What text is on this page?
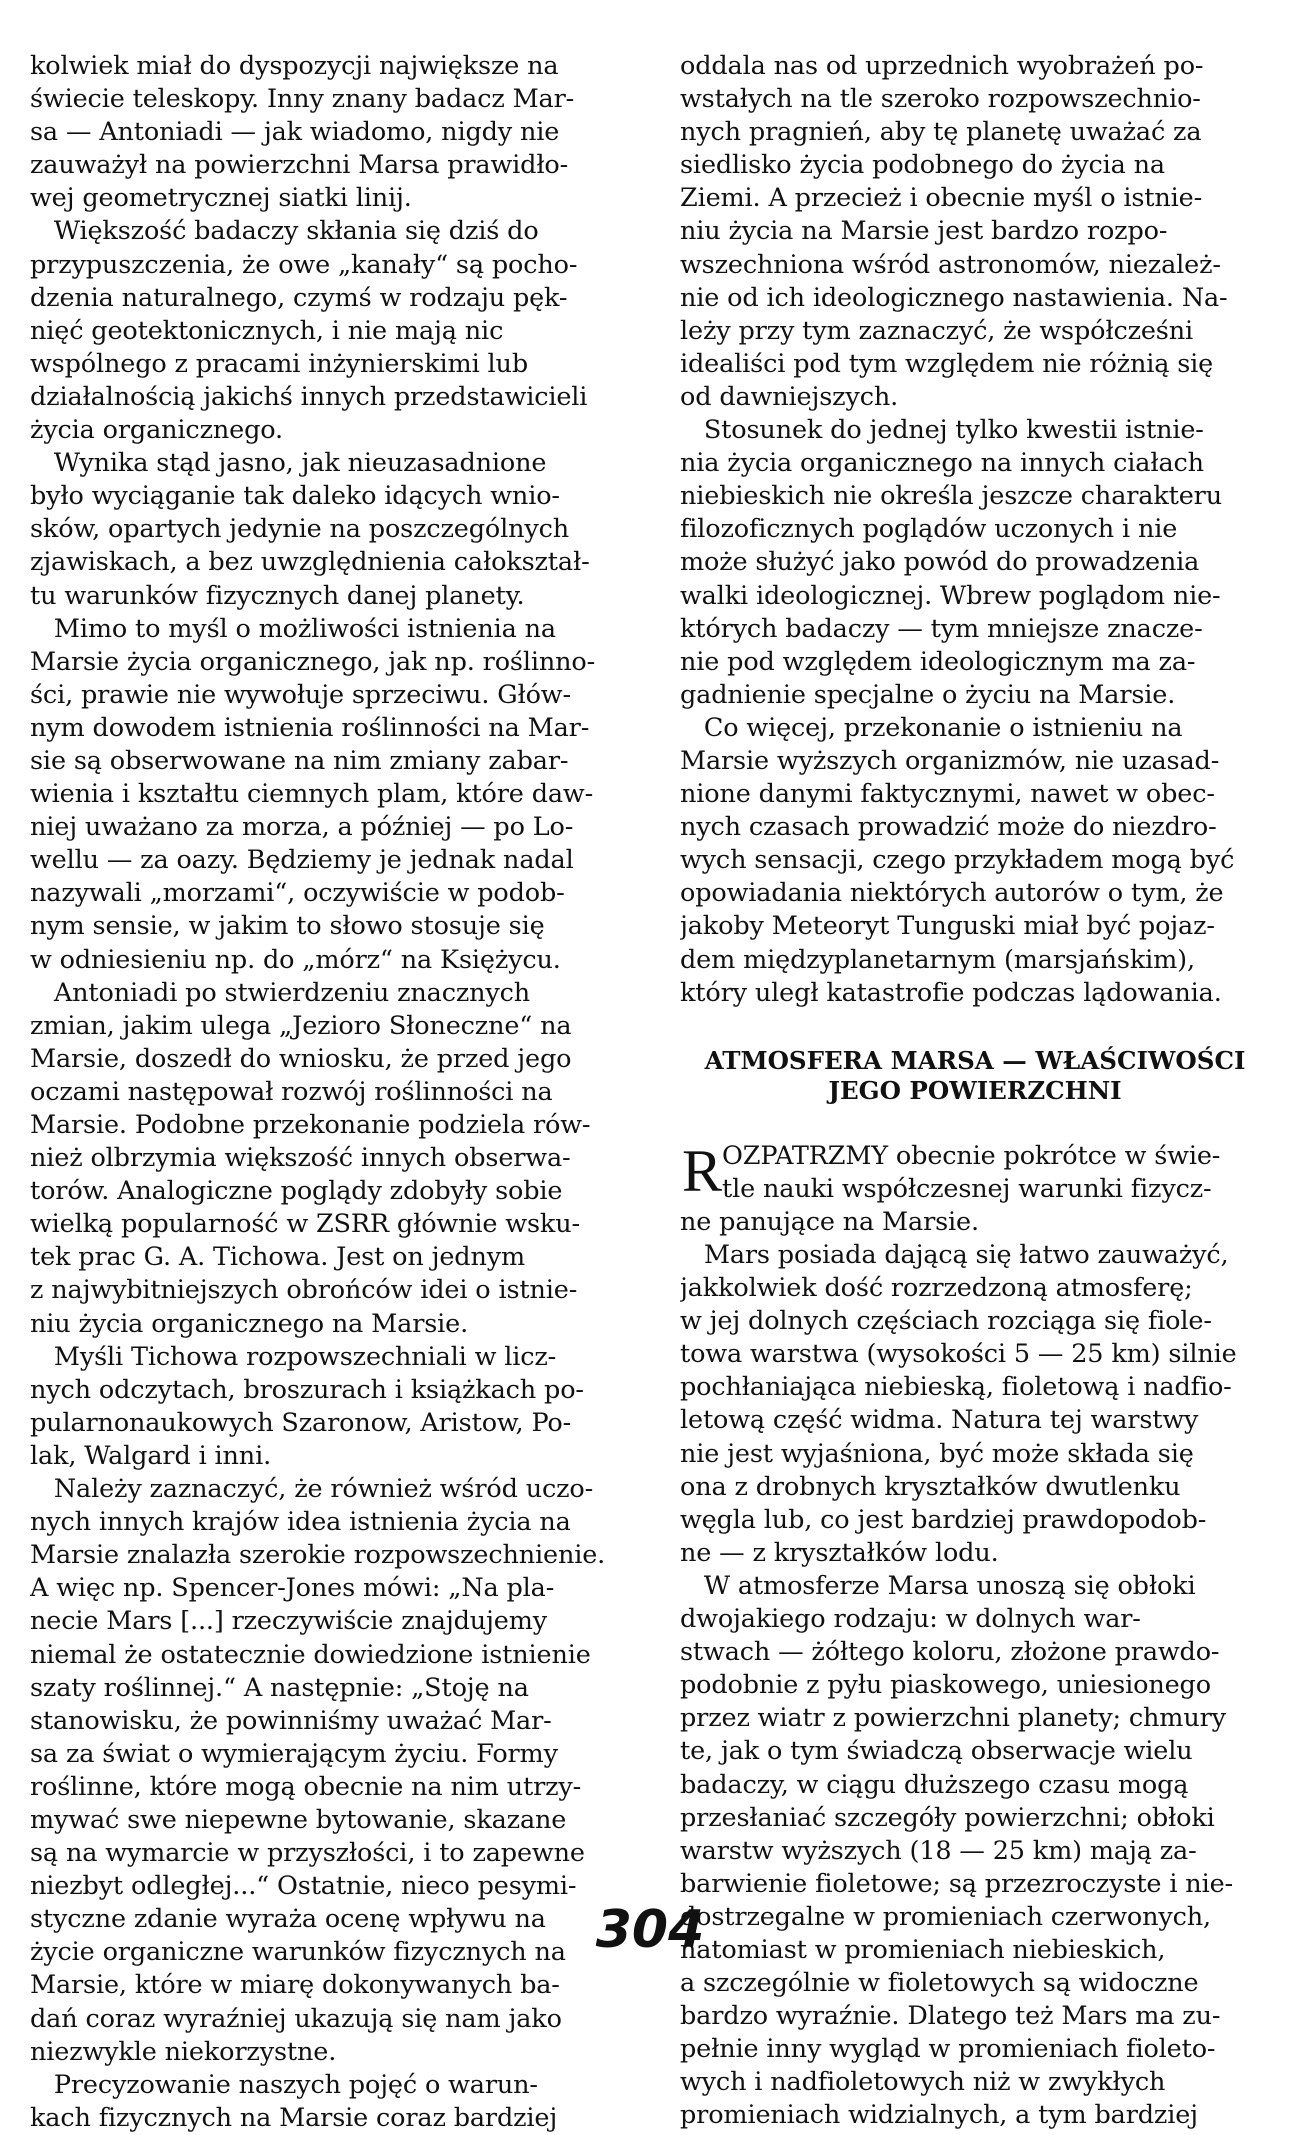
kolwiek miał do dyspozycji największe na
świecie teleskopy. Inny znany badacz Mar-
sa — Antoniadi — jak wiadomo, nigdy nie
zauważył na powierzchni Marsa prawidło-
wej geometrycznej siatki linij.
Większość badaczy skłania się dziś do
przypuszczenia, że owe „kanały“ są pocho-
dzenia naturalnego, czymś w rodzaju pęk-
nięć geotektonicznych, i nie mają nic
wspólnego z pracami inżynierskimi lub
działalnością jakichś innych przedstawicieli
życia organicznego.
Wynika stąd jasno, jak nieuzasadnione
było wyciąganie tak daleko idących wnio-
sków, opartych jedynie na poszczególnych
zjawiskach, a bez uwzględnienia całokształ-
tu warunków fizycznych danej planety.
Mimo to myśl o możliwości istnienia na
Marsie życia organicznego, jak np. roślinno-
ści, prawie nie wywołuje sprzeciwu. Głów-
nym dowodem istnienia roślinności na Mar-
sie są obserwowane na nim zmiany zabar-
wienia i kształtu ciemnych plam, które daw-
niej uważano za morza, a później — po Lo-
wellu — za oazy. Będziemy je jednak nadal
nazywali „morzami“, oczywiście w podob-
nym sensie, w jakim to słowo stosuje się
w odniesieniu np. do „mórz“ na Księżycu.
Antoniadi po stwierdzeniu znacznych
zmian, jakim ulega „Jezioro Słoneczne“ na
Marsie, doszedł do wniosku, że przed jego
oczami następował rozwój roślinności na
Marsie. Podobne przekonanie podziela rów-
nież olbrzymia większość innych obserwa-
torów. Analogiczne poglądy zdobyły sobie
wielką popularność w ZSRR głównie wsku-
tek prac G. A. Tichowa. Jest on jednym
z najwybitniejszych obrońców idei o istnie-
niu życia organicznego na Marsie.
Myśli Tichowa rozpowszechniali w licz-
nych odczytach, broszurach i książkach po-
pularnonaukowych Szaronow, Aristow, Po-
lak, Walgard i inni.
Należy zaznaczyć, że również wśród uczo-
nych innych krajów idea istnienia życia na
Marsie znalazła szerokie rozpowszechnienie.
A więc np. Spencer-Jones mówi: „Na pla-
necie Mars [...] rzeczywiście znajdujemy
niemal że ostatecznie dowiedzione istnienie
szaty roślinnej.“ A następnie: „Stoję na
stanowisku, że powinniśmy uważać Mar-
sa za świat o wymierającym życiu. Formy
roślinne, które mogą obecnie na nim utrzy-
mywać swe niepewne bytowanie, skazane
są na wymarcie w przyszłości, i to zapewne
niezbyt odległej...“ Ostatnie, nieco pesymi-
styczne zdanie wyraża ocenę wpływu na
życie organiczne warunków fizycznych na
Marsie, które w miarę dokonywanych ba-
dań coraz wyraźniej ukazują się nam jako
niezwykle niekorzystne.
Precyzowanie naszych pojęć o warun-
kach fizycznych na Marsie coraz bardziej
oddala nas od uprzednich wyobrażeń po-
wstałych na tle szeroko rozpowszechnio-
nych pragnień, aby tę planetę uważać za
siedlisko życia podobnego do życia na
Ziemi. A przecież i obecnie myśl o istnie-
niu życia na Marsie jest bardzo rozpo-
wszechniona wśród astronomów, niezależ-
nie od ich ideologicznego nastawienia. Na-
leży przy tym zaznaczyć, że współcześni
idealiści pod tym względem nie różnią się
od dawniejszych.
Stosunek do jednej tylko kwestii istnie-
nia życia organicznego na innych ciałach
niebieskich nie określa jeszcze charakteru
filozoficznych poglądów uczonych i nie
może służyć jako powód do prowadzenia
walki ideologicznej. Wbrew poglądom nie-
których badaczy — tym mniejsze znacze-
nie pod względem ideologicznym ma za-
gadnienie specjalne o życiu na Marsie.
Co więcej, przekonanie o istnieniu na
Marsie wyższych organizmów, nie uzasad-
nione danymi faktycznymi, nawet w obec-
nych czasach prowadzić może do niezdro-
wych sensacji, czego przykładem mogą być
opowiadania niektórych autorów o tym, że
jakoby Meteoryt Tunguski miał być pojaz-
dem międzyplanetarnym (marsjańskim),
który uległ katastrofie podczas lądowania.
ATMOSFERA MARSA — WŁAŚCIWOŚCI
JEGO POWIERZCHNI
R OZPATRZMY obecnie pokrótce w świe-
tle nauki współczesnej warunki fizycz-
ne panujące na Marsie.
Mars posiada dającą się łatwo zauważyć,
jakkolwiek dość rozrzedzoną atmosferę;
w jej dolnych częściach rozciąga się fiole-
towa warstwa (wysokości 5 — 25 km) silnie
pochłaniająca niebieską, fioletową i nadfio-
letową część widma. Natura tej warstwy
nie jest wyjaśniona, być może składa się
ona z drobnych kryształków dwutlenku
węgla lub, co jest bardziej prawdopodob-
ne — z kryształków lodu.
W atmosferze Marsa unoszą się obłoki
dwojakiego rodzaju: w dolnych war-
stwach — żółtego koloru, złożone prawdo-
podobnie z pyłu piaskowego, uniesionego
przez wiatr z powierzchni planety; chmury
te, jak o tym świadczą obserwacje wielu
badaczy, w ciągu dłuższego czasu mogą
przesłaniać szczegóły powierzchni; obłoki
warstw wyższych (18 — 25 km) mają za-
barwienie fioletowe; są przezroczyste i nie-
dostrzegalne w promieniach czerwonych,
natomiast w promieniach niebieskich,
a szczególnie w fioletowych są widoczne
bardzo wyraźnie. Dlatego też Mars ma zu-
pełnie inny wygląd w promieniach fioleto-
wych i nadfioletowych niż w zwykłych
promieniach widzialnych, a tym bardziej
304
